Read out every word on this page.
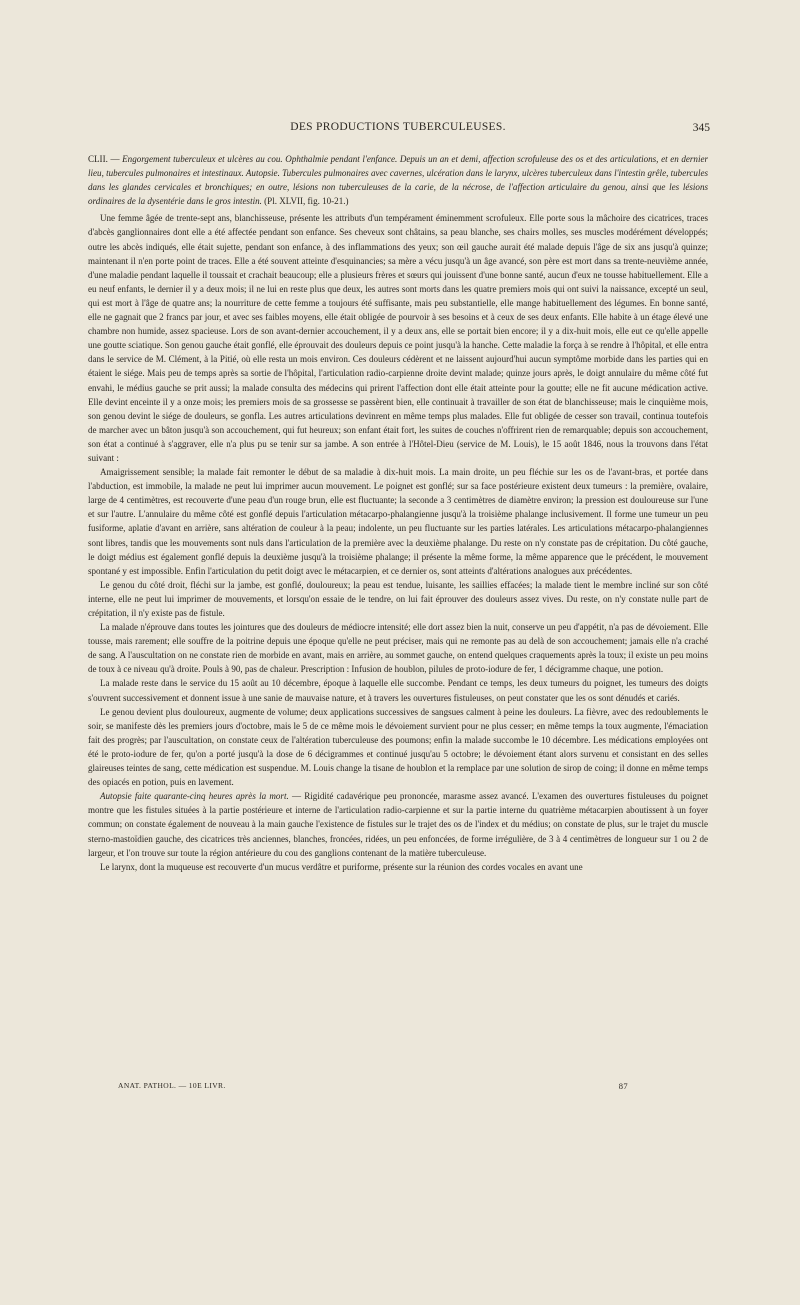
DES PRODUCTIONS TUBERCULEUSES.	345

CLII. — Engorgement tuberculeux et ulcères au cou. Ophthalmie pendant l'enfance. Depuis un an et demi, affection scrofuleuse des os et des articulations, et en dernier lieu, tubercules pulmonaires et intestinaux. Autopsie. Tubercules pulmonaires avec cavernes, ulcération dans le larynx, ulcères tuberculeux dans l'intestin grêle, tubercules dans les glandes cervicales et bronchiques; en outre, lésions non tuberculeuses de la carie, de la nécrose, de l'affection articulaire du genou, ainsi que les lésions ordinaires de la dysentérie dans le gros intestin. (Pl. XLVII, fig. 10-21.)

Une femme âgée de trente-sept ans, blanchisseuse, présente les attributs d'un tempérament éminemment scrofuleux. Elle porte sous la mâchoire des cicatrices, traces d'abcès ganglionnaires dont elle a été affectée pendant son enfance. Ses cheveux sont châtains, sa peau blanche, ses chairs molles, ses muscles modérément développés; outre les abcès indiqués, elle était sujette, pendant son enfance, à des inflammations des yeux; son œil gauche aurait été malade depuis l'âge de six ans jusqu'à quinze; maintenant il n'en porte point de traces. Elle a été souvent atteinte d'esquinancies; sa mère a vécu jusqu'à un âge avancé, son père est mort dans sa trente-neuvième année, d'une maladie pendant laquelle il toussait et crachait beaucoup; elle a plusieurs frères et sœurs qui jouissent d'une bonne santé, aucun d'eux ne tousse habituellement. Elle a eu neuf enfants, le dernier il y a deux mois; il ne lui en reste plus que deux, les autres sont morts dans les quatre premiers mois qui ont suivi la naissance, excepté un seul, qui est mort à l'âge de quatre ans; la nourriture de cette femme a toujours été suffisante, mais peu substantielle, elle mange habituellement des légumes. En bonne santé, elle ne gagnait que 2 francs par jour, et avec ses faibles moyens, elle était obligée de pourvoir à ses besoins et à ceux de ses deux enfants. Elle habite à un étage élevé une chambre non humide, assez spacieuse. Lors de son avant-dernier accouchement, il y a deux ans, elle se portait bien encore; il y a dix-huit mois, elle eut ce qu'elle appelle une goutte sciatique. Son genou gauche était gonflé, elle éprouvait des douleurs depuis ce point jusqu'à la hanche. Cette maladie la força à se rendre à l'hôpital, et elle entra dans le service de M. Clément, à la Pitié, où elle resta un mois environ. Ces douleurs cédèrent et ne laissent aujourd'hui aucun symptôme morbide dans les parties qui en étaient le siége. Mais peu de temps après sa sortie de l'hôpital, l'articulation radio-carpienne droite devint malade; quinze jours après, le doigt annulaire du même côté fut envahi, le médius gauche se prit aussi; la malade consulta des médecins qui prirent l'affection dont elle était atteinte pour la goutte; elle ne fit aucune médication active. Elle devint enceinte il y a onze mois; les premiers mois de sa grossesse se passèrent bien, elle continuait à travailler de son état de blanchisseuse; mais le cinquième mois, son genou devint le siége de douleurs, se gonfla. Les autres articulations devinrent en même temps plus malades. Elle fut obligée de cesser son travail, continua toutefois de marcher avec un bâton jusqu'à son accouchement, qui fut heureux; son enfant était fort, les suites de couches n'offrirent rien de remarquable; depuis son accouchement, son état a continué à s'aggraver, elle n'a plus pu se tenir sur sa jambe. A son entrée à l'Hôtel-Dieu (service de M. Louis), le 15 août 1846, nous la trouvons dans l'état suivant :

Amaigrissement sensible; la malade fait remonter le début de sa maladie à dix-huit mois. La main droite, un peu fléchie sur les os de l'avant-bras, et portée dans l'abduction, est immobile, la malade ne peut lui imprimer aucun mouvement. Le poignet est gonflé; sur sa face postérieure existent deux tumeurs : la première, ovalaire, large de 4 centimètres, est recouverte d'une peau d'un rouge brun, elle est fluctuante; la seconde a 3 centimètres de diamètre environ; la pression est douloureuse sur l'une et sur l'autre. L'annulaire du même côté est gonflé depuis l'articulation métacarpo-phalangienne jusqu'à la troisième phalange inclusivement. Il forme une tumeur un peu fusiforme, aplatie d'avant en arrière, sans altération de couleur à la peau; indolente, un peu fluctuante sur les parties latérales. Les articulations métacarpo-phalangiennes sont libres, tandis que les mouvements sont nuls dans l'articulation de la première avec la deuxième phalange. Du reste on n'y constate pas de crépitation. Du côté gauche, le doigt médius est également gonflé depuis la deuxième jusqu'à la troisième phalange; il présente la même forme, la même apparence que le précédent, le mouvement spontané y est impossible. Enfin l'articulation du petit doigt avec le métacarpien, et ce dernier os, sont atteints d'altérations analogues aux précédentes.

Le genou du côté droit, fléchi sur la jambe, est gonflé, douloureux; la peau est tendue, luisante, les saillies effacées; la malade tient le membre incliné sur son côté interne, elle ne peut lui imprimer de mouvements, et lorsqu'on essaie de le tendre, on lui fait éprouver des douleurs assez vives. Du reste, on n'y constate nulle part de crépitation, il n'y existe pas de fistule.

La malade n'éprouve dans toutes les jointures que des douleurs de médiocre intensité; elle dort assez bien la nuit, conserve un peu d'appétit, n'a pas de dévoiement. Elle tousse, mais rarement; elle souffre de la poitrine depuis une époque qu'elle ne peut préciser, mais qui ne remonte pas au delà de son accouchement; jamais elle n'a craché de sang. A l'auscultation on ne constate rien de morbide en avant, mais en arrière, au sommet gauche, on entend quelques craquements après la toux; il existe un peu moins de toux à ce niveau qu'à droite. Pouls à 90, pas de chaleur. Prescription : Infusion de houblon, pilules de proto-iodure de fer, 1 décigramme chaque, une potion.

La malade reste dans le service du 15 août au 10 décembre, époque à laquelle elle succombe. Pendant ce temps, les deux tumeurs du poignet, les tumeurs des doigts s'ouvrent successivement et donnent issue à une sanie de mauvaise nature, et à travers les ouvertures fistuleuses, on peut constater que les os sont dénudés et cariés.

Le genou devient plus douloureux, augmente de volume; deux applications successives de sangsues calment à peine les douleurs. La fièvre, avec des redoublements le soir, se manifeste dès les premiers jours d'octobre, mais le 5 de ce même mois le dévoiement survient pour ne plus cesser; en même temps la toux augmente, l'émaciation fait des progrès; par l'auscultation, on constate ceux de l'altération tuberculeuse des poumons; enfin la malade succombe le 10 décembre. Les médications employées ont été le proto-iodure de fer, qu'on a porté jusqu'à la dose de 6 décigrammes et continué jusqu'au 5 octobre; le dévoiement étant alors survenu et consistant en des selles glaireuses teintes de sang, cette médication est suspendue. M. Louis change la tisane de houblon et la remplace par une solution de sirop de coing; il donne en même temps des opiacés en potion, puis en lavement.

Autopsie faite quarante-cinq heures après la mort. — Rigidité cadavérique peu prononcée, marasme assez avancé. L'examen des ouvertures fistuleuses du poignet montre que les fistules situées à la partie postérieure et interne de l'articulation radio-carpienne et sur la partie interne du quatrième métacarpien aboutissent à un foyer commun; on constate également de nouveau à la main gauche l'existence de fistules sur le trajet des os de l'index et du médius; on constate de plus, sur le trajet du muscle sterno-mastoïdien gauche, des cicatrices très anciennes, blanches, froncées, ridées, un peu enfoncées, de forme irrégulière, de 3 à 4 centimètres de longueur sur 1 ou 2 de largeur, et l'on trouve sur toute la région antérieure du cou des ganglions contenant de la matière tuberculeuse.

Le larynx, dont la muqueuse est recouverte d'un mucus verdâtre et puriforme, présente sur la réunion des cordes vocales en avant une

ANAT. PATHOL. — 10E LIVR.	87
